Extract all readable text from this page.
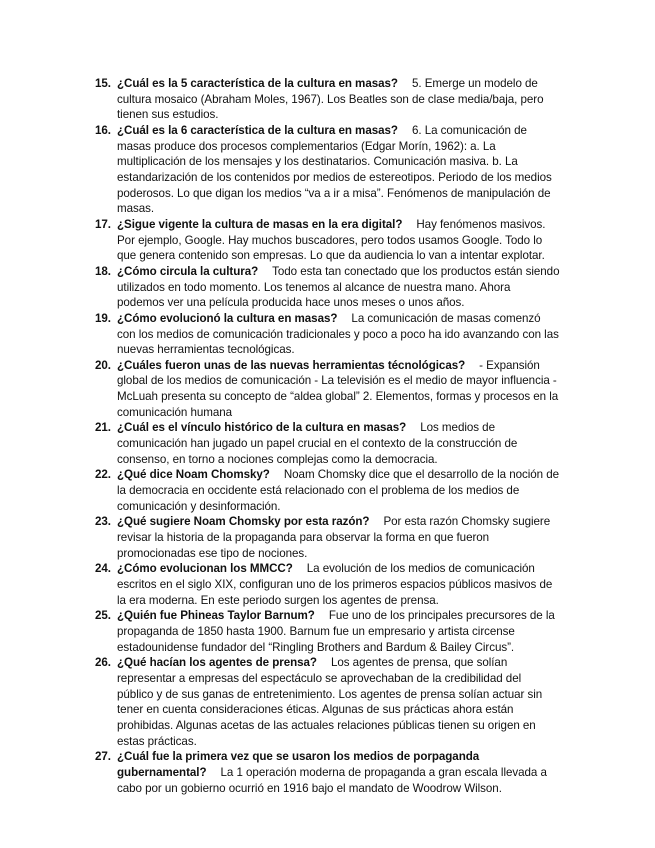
15. ¿Cuál es la 5 característica de la cultura en masas? 5. Emerge un modelo de cultura mosaico (Abraham Moles, 1967). Los Beatles son de clase media/baja, pero tienen sus estudios.
16. ¿Cuál es la 6 característica de la cultura en masas? 6. La comunicación de masas produce dos procesos complementarios (Edgar Morín, 1962): a. La multiplicación de los mensajes y los destinatarios. Comunicación masiva. b. La estandarización de los contenidos por medios de estereotipos. Periodo de los medios poderosos. Lo que digan los medios “va a ir a misa”. Fenómenos de manipulación de masas.
17. ¿Sigue vigente la cultura de masas en la era digital? Hay fenómenos masivos. Por ejemplo, Google. Hay muchos buscadores, pero todos usamos Google. Todo lo que genera contenido son empresas. Lo que da audiencia lo van a intentar explotar.
18. ¿Cómo circula la cultura? Todo esta tan conectado que los productos están siendo utilizados en todo momento. Los tenemos al alcance de nuestra mano. Ahora podemos ver una película producida hace unos meses o unos años.
19. ¿Cómo evolucionó la cultura en masas? La comunicación de masas comenzó con los medios de comunicación tradicionales y poco a poco ha ido avanzando con las nuevas herramientas tecnológicas.
20. ¿Cuáles fueron unas de las nuevas herramientas técnológicas? - Expansión global de los medios de comunicación - La televisión es el medio de mayor influencia - McLuah presenta su concepto de “aldea global” 2. Elementos, formas y procesos en la comunicación humana
21. ¿Cuál es el vínculo histórico de la cultura en masas? Los medios de comunicación han jugado un papel crucial en el contexto de la construcción de consenso, en torno a nociones complejas como la democracia.
22. ¿Qué dice Noam Chomsky? Noam Chomsky dice que el desarrollo de la noción de la democracia en occidente está relacionado con el problema de los medios de comunicación y desinformación.
23. ¿Qué sugiere Noam Chomsky por esta razón? Por esta razón Chomsky sugiere revisar la historia de la propaganda para observar la forma en que fueron promocionadas ese tipo de nociones.
24. ¿Cómo evolucionan los MMCC? La evolución de los medios de comunicación escritos en el siglo XIX, configuran uno de los primeros espacios públicos masivos de la era moderna. En este periodo surgen los agentes de prensa.
25. ¿Quién fue Phineas Taylor Barnum? Fue uno de los principales precursores de la propaganda de 1850 hasta 1900. Barnum fue un empresario y artista circense estadounidense fundador del “Ringling Brothers and Bardum & Bailey Circus”.
26. ¿Qué hacían los agentes de prensa? Los agentes de prensa, que solían representar a empresas del espectáculo se aprovechaban de la credibilidad del público y de sus ganas de entretenimiento. Los agentes de prensa solían actuar sin tener en cuenta consideraciones éticas. Algunas de sus prácticas ahora están prohibidas. Algunas acetas de las actuales relaciones públicas tienen su origen en estas prácticas.
27. ¿Cuál fue la primera vez que se usaron los medios de porpaganda gubernamental? La 1 operación moderna de propaganda a gran escala llevada a cabo por un gobierno ocurrió en 1916 bajo el mandato de Woodrow Wilson.
